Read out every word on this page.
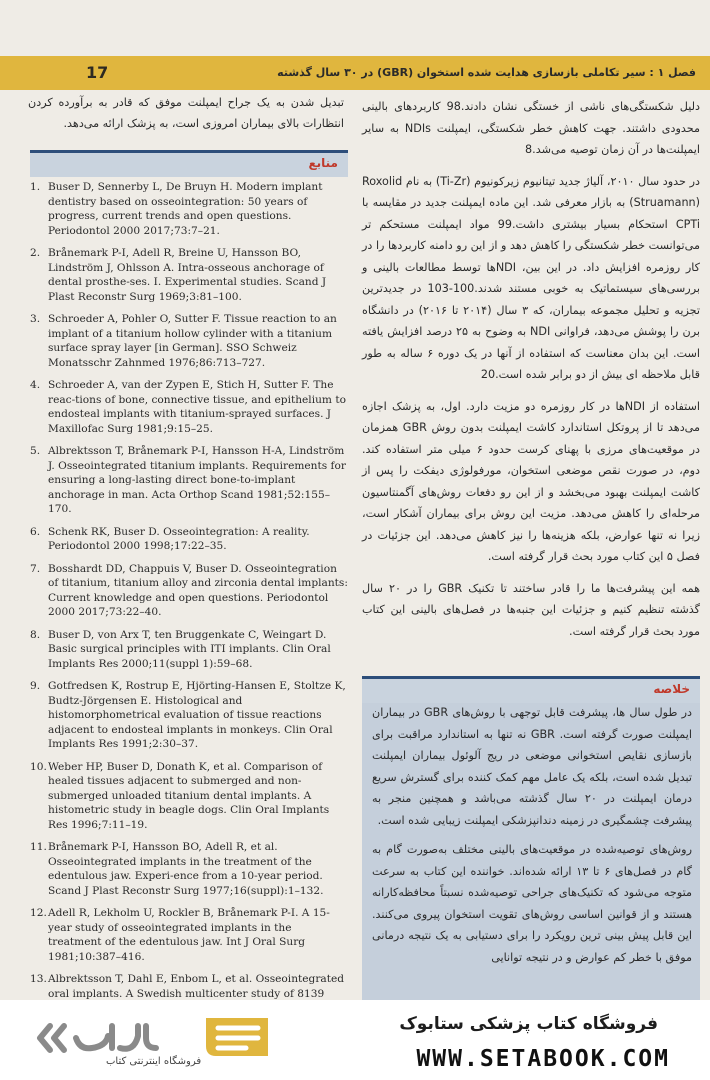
17	فصل ۱ : سیر تکاملی بازسازی هدایت شده استخوان (GBR) در ۳۰ سال گذشته

دلیل شکستگی‌های ناشی از خستگی نشان دادند.98 کاربردهای بالینی محدودی داشتند. جهت کاهش خطر شکستگی، ایمپلنت NDIs به سایر ایمپلنت‌ها در آن زمان توصیه می‌شد.8

در حدود سال ۲۰۱۰، آلیاژ جدید تیتانیوم زیرکونیوم (Ti-Zr) به نام Roxolid (Struamann) به بازار معرفی شد. این ماده ایمپلنت جدید در مقایسه با CPTi استحکام بسیار بیشتری داشت.99 مواد ایمپلنت مستحکم تر می‌توانست خطر شکستگی را کاهش دهد و از این رو دامنه کاربردها را در کار روزمره افزایش داد. در این بین، NDIها توسط مطالعات بالینی و بررسی‌های سیستماتیک به خوبی مستند شدند.100-103 در جدیدترین تجزیه و تحلیل مجموعه بیماران، که ۳ سال (۲۰۱۴ تا ۲۰۱۶) در دانشگاه برن را پوشش می‌دهد، فراوانی NDI به وضوح به ۲۵ درصد افزایش یافته است. این بدان معناست که استفاده از آنها در یک دوره ۶ ساله به طور قابل ملاحظه ای بیش از دو برابر شده است.20

استفاده از NDIها در کار روزمره دو مزیت دارد. اول، به پزشک اجازه می‌دهد تا از پروتکل استاندارد کاشت ایمپلنت بدون روش GBR همزمان در موقعیت‌های مرزی با پهنای کرست حدود ۶ میلی متر استفاده کند. دوم، در صورت نقص موضعی استخوان، مورفولوژی دیفکت را پس از کاشت ایمپلنت بهبود می‌بخشد و از این رو دفعات روش‌های آگمنتاسیون مرحله‌ای را کاهش می‌دهد. مزیت این روش برای بیماران آشکار است، زیرا نه تنها عوارض، بلکه هزینه‌ها را نیز کاهش می‌دهد. این جزئیات در فصل ۵ این کتاب مورد بحث قرار گرفته است.

همه این پیشرفت‌ها ما را قادر ساختند تا تکنیک GBR را در ۲۰ سال گذشته تنظیم کنیم و جزئیات این جنبه‌ها در فصل‌های بالینی این کتاب مورد بحث قرار گرفته است.

تبدیل شدن به یک جراح ایمپلنت موفق که قادر به برآورده کردن انتظارات بالای بیماران امروزی است، به پزشک ارائه می‌دهد.
منابع
1. Buser D, Sennerby L, De Bruyn H. Modern implant dentistry based on osseointegration: 50 years of progress, current trends and open questions. Periodontol 2000 2017;73:7–21.
2. Brånemark P-I, Adell R, Breine U, Hansson BO, Lindström J, Ohlsson A. Intra-osseous anchorage of dental prosthe-ses. I. Experimental studies. Scand J Plast Reconstr Surg 1969;3:81–100.
3. Schroeder A, Pohler O, Sutter F. Tissue reaction to an implant of a titanium hollow cylinder with a titanium surface spray layer [in German]. SSO Schweiz Monatsschr Zahnmed 1976;86:713–727.
4. Schroeder A, van der Zypen E, Stich H, Sutter F. The reac-tions of bone, connective tissue, and epithelium to endosteal implants with titanium-sprayed surfaces. J Maxillofac Surg 1981;9:15–25.
5. Albrektsson T, Brånemark P-I, Hansson H-A, Lindström J. Osseointegrated titanium implants. Requirements for ensuring a long-lasting direct bone-to-implant anchorage in man. Acta Orthop Scand 1981;52:155–170.
6. Schenk RK, Buser D. Osseointegration: A reality. Periodontol 2000 1998;17:22–35.
7. Bosshardt DD, Chappuis V, Buser D. Osseointegration of titanium, titanium alloy and zirconia dental implants: Current knowledge and open questions. Periodontol 2000 2017;73:22–40.
8. Buser D, von Arx T, ten Bruggenkate C, Weingart D. Basic surgical principles with ITI implants. Clin Oral Implants Res 2000;11(suppl 1):59–68.
9. Gotfredsen K, Rostrup E, Hjörting-Hansen E, Stoltze K, Budtz-Jörgensen E. Histological and histomorphometrical evaluation of tissue reactions adjacent to endosteal implants in monkeys. Clin Oral Implants Res 1991;2:30–37.
10. Weber HP, Buser D, Donath K, et al. Comparison of healed tissues adjacent to submerged and non-submerged unloaded titanium dental implants. A histometric study in beagle dogs. Clin Oral Implants Res 1996;7:11–19.
11. Brånemark P-I, Hansson BO, Adell R, et al. Osseointegrated implants in the treatment of the edentulous jaw. Experi-ence from a 10-year period. Scand J Plast Reconstr Surg 1977;16(suppl):1–132.
12. Adell R, Lekholm U, Rockler B, Brånemark P-I. A 15-year study of osseointegrated implants in the treatment of the edentulous jaw. Int J Oral Surg 1981;10:387–416.
13. Albrektsson T, Dahl E, Enbom L, et al. Osseointegrated oral implants. A Swedish multicenter study of 8139
خلاصه

در طول سال ها، پیشرفت قابل توجهی با روش‌های GBR در بیماران ایمپلنت صورت گرفته است. GBR نه تنها به استاندارد مراقبت برای بازسازی نقایص استخوانی موضعی در ریج آلوئول بیماران ایمپلنت تبدیل شده است، بلکه یک عامل مهم کمک کننده برای گسترش سریع درمان ایمپلنت در ۲۰ سال گذشته می‌باشد و همچنین منجر به پیشرفت چشمگیری در زمینه دندانپزشکی ایمپلنت زیبایی شده است.

روش‌های توصیه‌شده در موقعیت‌های بالینی مختلف به‌صورت گام به گام در فصل‌های ۶ تا ۱۳ ارائه شده‌اند. خواننده این کتاب به سرعت متوجه می‌شود که تکنیک‌های جراحی توصیه‌شده نسبتاً محافظه‌کارانه هستند و از قوانین اساسی روش‌های تقویت استخوان پیروی می‌کنند. این قابل پیش بینی ترین رویکرد را برای دستیابی به یک نتیجه درمانی موفق با خطر کم عوارض و در نتیجه توانایی

فروشگاه اینترنتی کتاب
فروشگاه کتاب پزشکی ستابوک
WWW.SETABOOK.COM
